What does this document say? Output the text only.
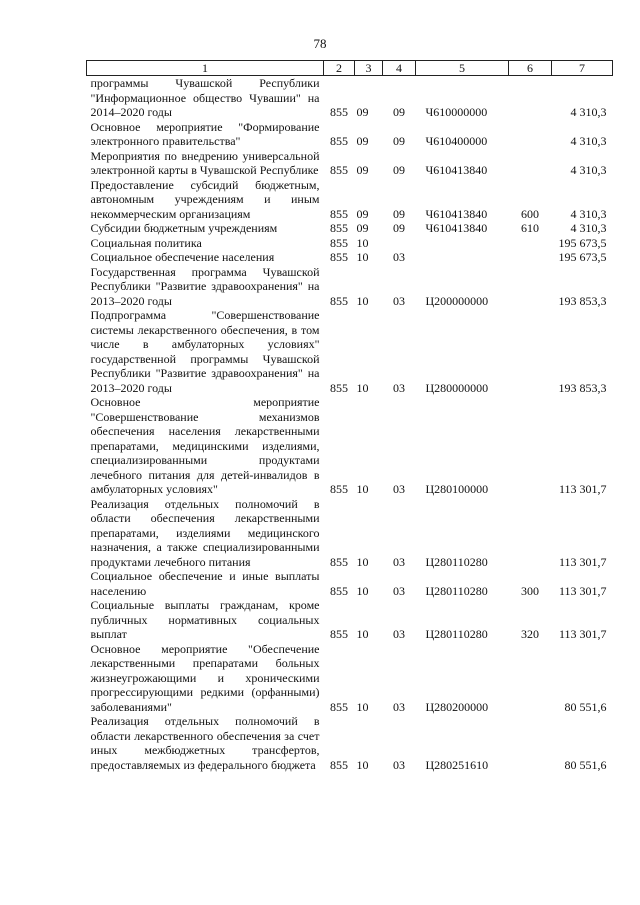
78
1	2	3	4	5	6	7
программы Чувашской Республики "Информационное общество Чувашии" на 2014–2020 годы	855	09	09	Ч610000000		4 310,3
Основное мероприятие "Формирование электронного правительства"	855	09	09	Ч610400000		4 310,3
Мероприятия по внедрению универсальной электронной карты в Чувашской Республике	855	09	09	Ч610413840		4 310,3
Предоставление субсидий бюджетным, автономным учреждениям и иным некоммерческим организациям	855	09	09	Ч610413840	600	4 310,3
Субсидии бюджетным учреждениям	855	09	09	Ч610413840	610	4 310,3
Социальная политика	855	10				195 673,5
Социальное обеспечение населения	855	10	03			195 673,5
Государственная программа Чувашской Республики "Развитие здравоохранения" на 2013–2020 годы	855	10	03	Ц200000000		193 853,3
Подпрограмма "Совершенствование системы лекарственного обеспечения, в том числе в амбулаторных условиях" государственной программы Чувашской Республики "Развитие здравоохранения" на 2013–2020 годы	855	10	03	Ц280000000		193 853,3
Основное мероприятие "Совершенствование механизмов обеспечения населения лекарственными препаратами, медицинскими изделиями, специализированными продуктами лечебного питания для детей-инвалидов в амбулаторных условиях"	855	10	03	Ц280100000		113 301,7
Реализация отдельных полномочий в области обеспечения лекарственными препаратами, изделиями медицинского назначения, а также специализированными продуктами лечебного питания	855	10	03	Ц280110280		113 301,7
Социальное обеспечение и иные выплаты населению	855	10	03	Ц280110280	300	113 301,7
Социальные выплаты гражданам, кроме публичных нормативных социальных выплат	855	10	03	Ц280110280	320	113 301,7
Основное мероприятие "Обеспечение лекарственными препаратами больных жизнеугрожающими и хроническими прогрессирующими редкими (орфанными) заболеваниями"	855	10	03	Ц280200000		80 551,6
Реализация отдельных полномочий в области лекарственного обеспечения за счет иных межбюджетных трансфертов, предоставляемых из федерального бюджета	855	10	03	Ц280251610		80 551,6
